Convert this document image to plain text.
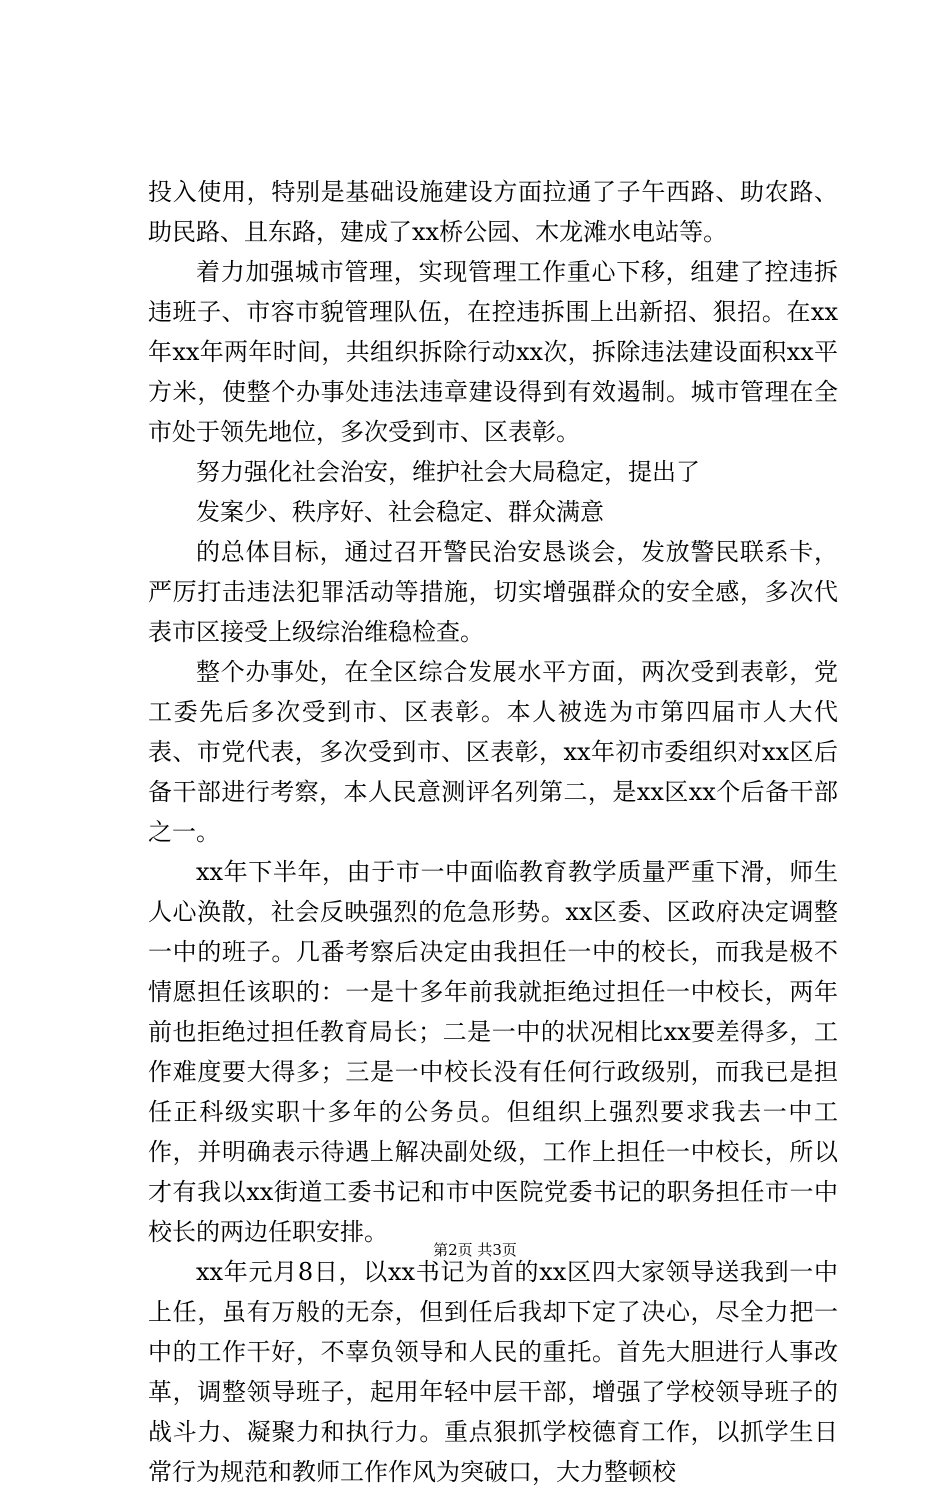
投入使用，特别是基础设施建设方面拉通了子午西路、助农路、助民路、且东路，建成了xx桥公园、木龙滩水电站等。

着力加强城市管理，实现管理工作重心下移，组建了控违拆违班子、市容市貌管理队伍，在控违拆围上出新招、狠招。在xx年xx年两年时间，共组织拆除行动xx次，拆除违法建设面积xx平方米，使整个办事处违法违章建设得到有效遏制。城市管理在全市处于领先地位，多次受到市、区表彰。

努力强化社会治安，维护社会大局稳定，提出了

发案少、秩序好、社会稳定、群众满意

的总体目标，通过召开警民治安恳谈会，发放警民联系卡，严厉打击违法犯罪活动等措施，切实增强群众的安全感，多次代表市区接受上级综治维稳检查。

整个办事处，在全区综合发展水平方面，两次受到表彰，党工委先后多次受到市、区表彰。本人被选为市第四届市人大代表、市党代表，多次受到市、区表彰，xx年初市委组织对xx区后备干部进行考察，本人民意测评名列第二，是xx区xx个后备干部之一。

xx年下半年，由于市一中面临教育教学质量严重下滑，师生人心涣散，社会反映强烈的危急形势。xx区委、区政府决定调整一中的班子。几番考察后决定由我担任一中的校长，而我是极不情愿担任该职的：一是十多年前我就拒绝过担任一中校长，两年前也拒绝过担任教育局长；二是一中的状况相比xx要差得多，工作难度要大得多；三是一中校长没有任何行政级别，而我已是担任正科级实职十多年的公务员。但组织上强烈要求我去一中工作，并明确表示待遇上解决副处级，工作上担任一中校长，所以才有我以xx街道工委书记和市中医院党委书记的职务担任市一中校长的两边任职安排。

xx年元月8日，以xx书记为首的xx区四大家领导送我到一中上任，虽有万般的无奈，但到任后我却下定了决心，尽全力把一中的工作干好，不辜负领导和人民的重托。首先大胆进行人事改革，调整领导班子，起用年轻中层干部，增强了学校领导班子的战斗力、凝聚力和执行力。重点狠抓学校德育工作，以抓学生日常行为规范和教师工作作风为突破口，大力整顿校

第2页 共3页
